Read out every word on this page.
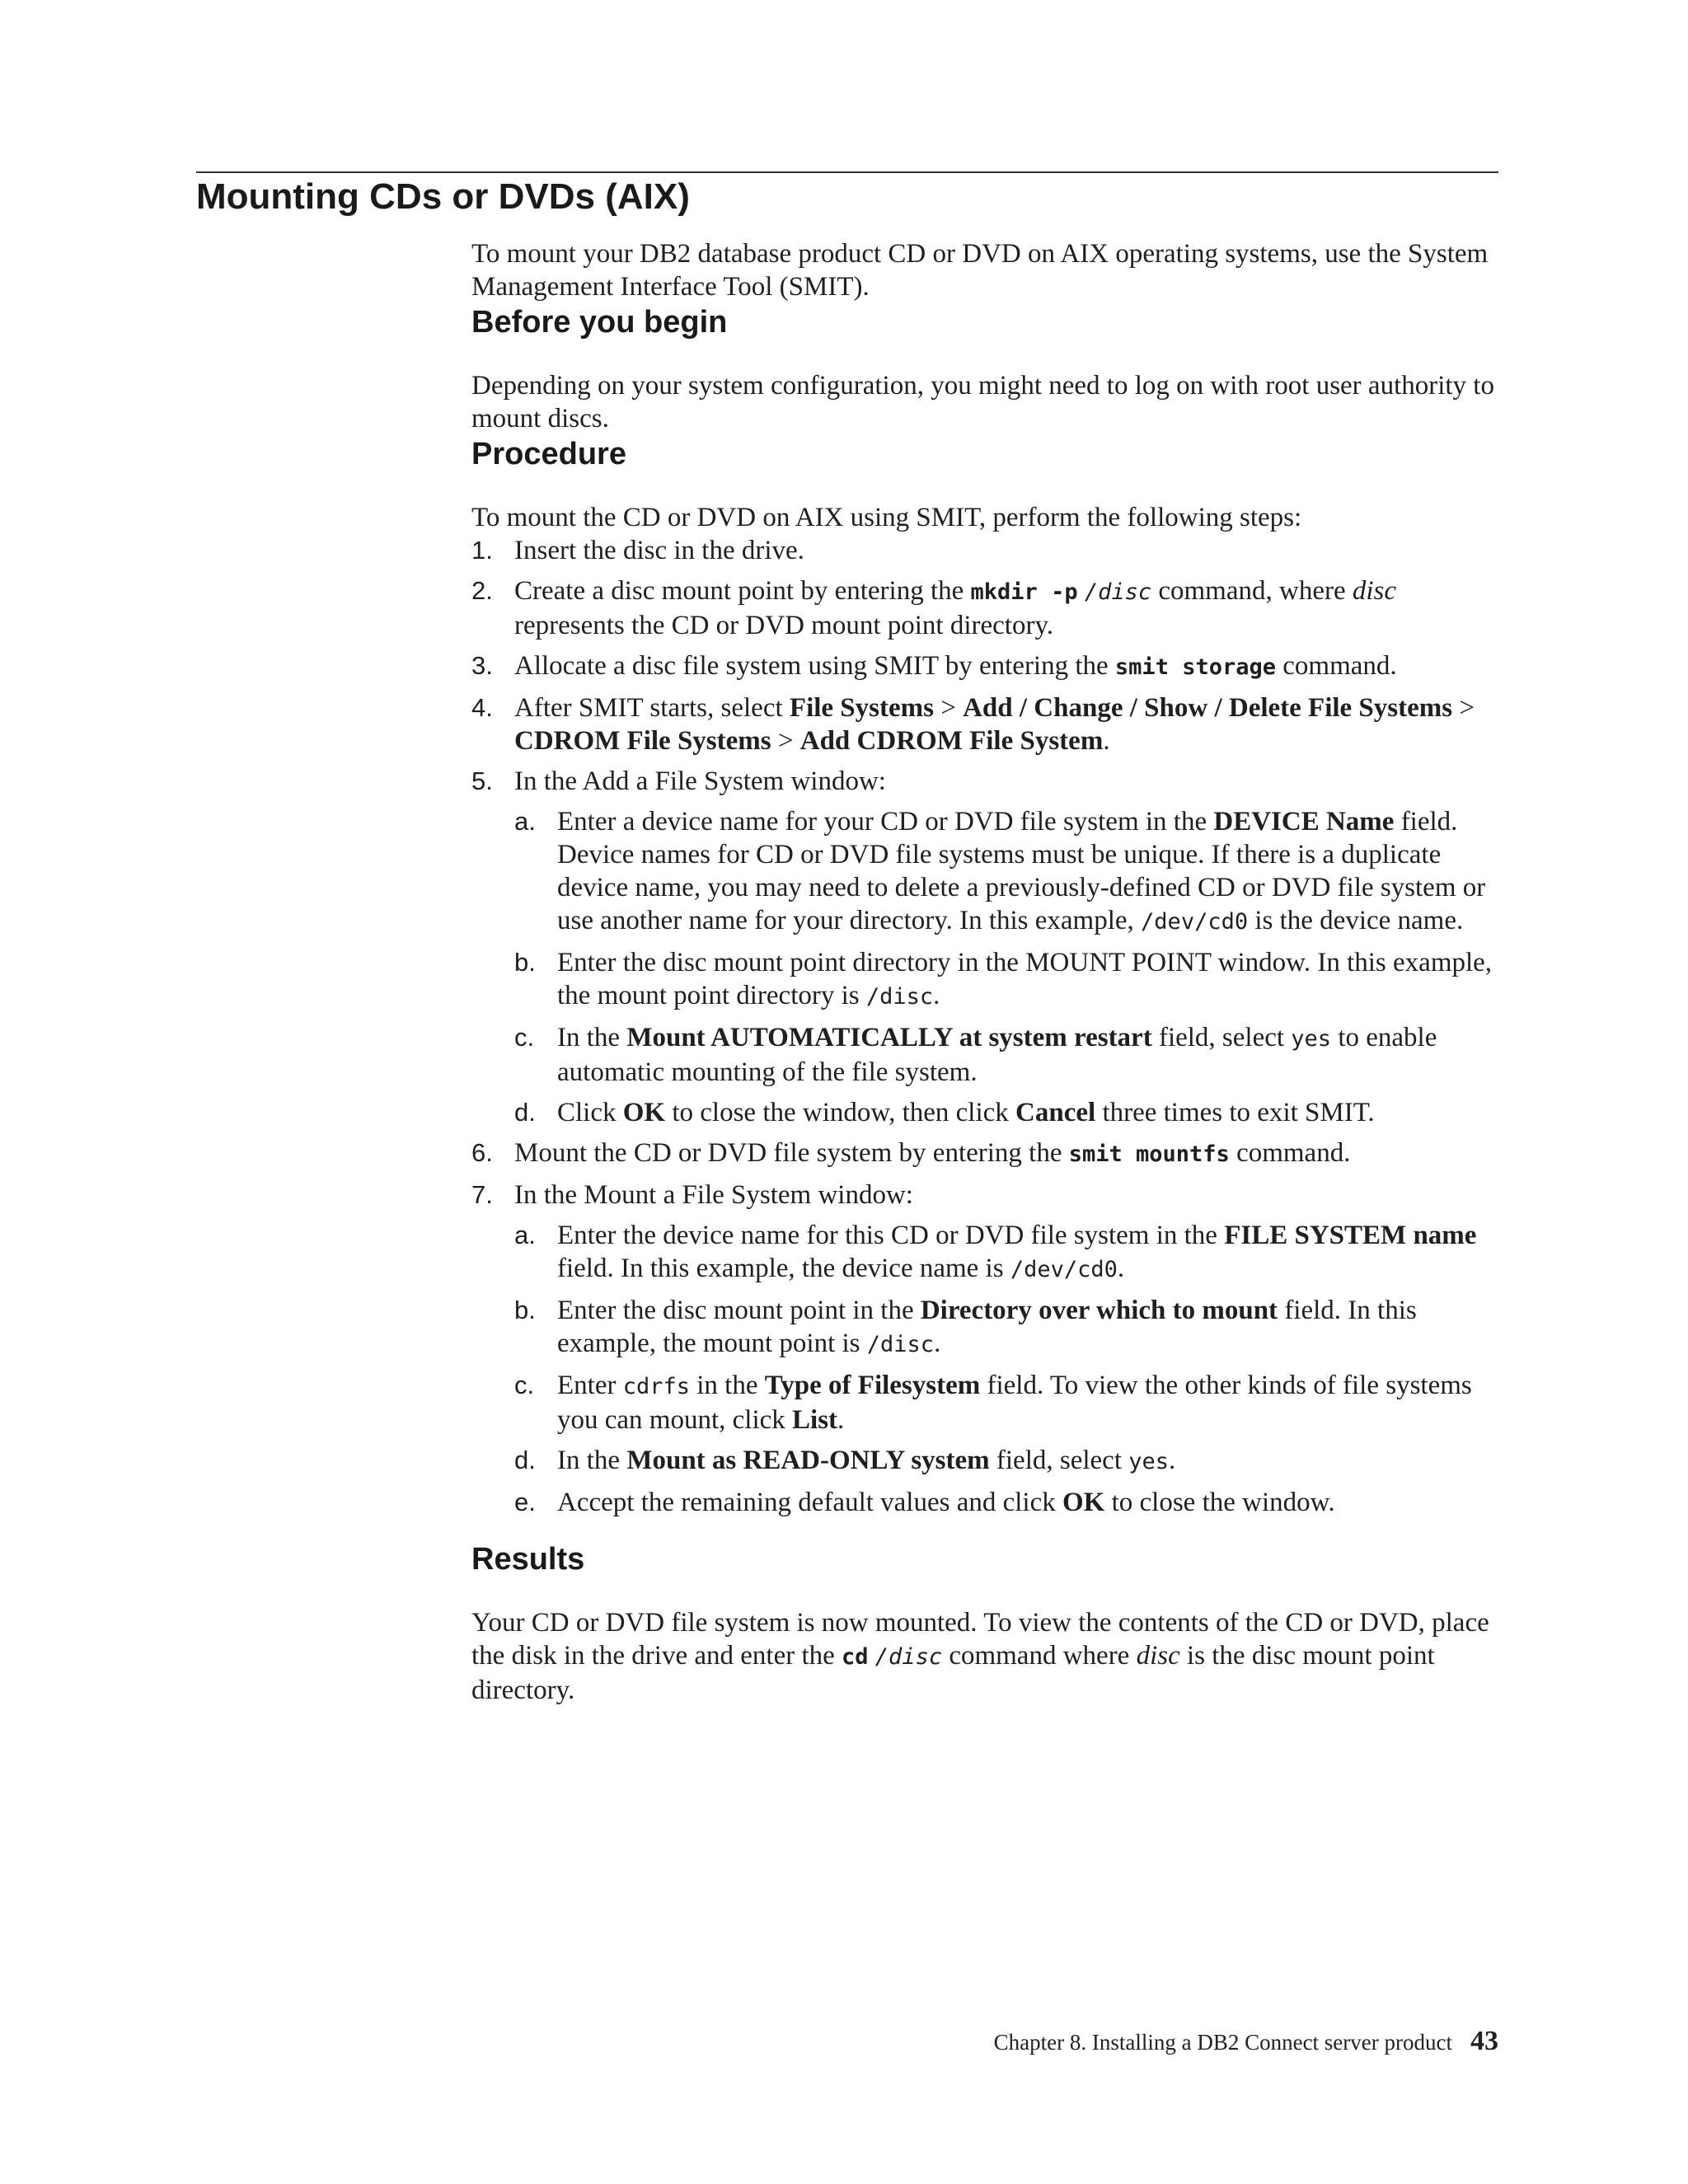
Mounting CDs or DVDs (AIX)

To mount your DB2 database product CD or DVD on AIX operating systems, use the System Management Interface Tool (SMIT).

Before you begin

Depending on your system configuration, you might need to log on with root user authority to mount discs.

Procedure

To mount the CD or DVD on AIX using SMIT, perform the following steps:

1. Insert the disc in the drive.
2. Create a disc mount point by entering the mkdir -p /disc command, where disc represents the CD or DVD mount point directory.
3. Allocate a disc file system using SMIT by entering the smit storage command.
4. After SMIT starts, select File Systems > Add / Change / Show / Delete File Systems > CDROM File Systems > Add CDROM File System.
5. In the Add a File System window:
a. Enter a device name for your CD or DVD file system in the DEVICE Name field. Device names for CD or DVD file systems must be unique. If there is a duplicate device name, you may need to delete a previously-defined CD or DVD file system or use another name for your directory. In this example, /dev/cd0 is the device name.
b. Enter the disc mount point directory in the MOUNT POINT window. In this example, the mount point directory is /disc.
c. In the Mount AUTOMATICALLY at system restart field, select yes to enable automatic mounting of the file system.
d. Click OK to close the window, then click Cancel three times to exit SMIT.
6. Mount the CD or DVD file system by entering the smit mountfs command.
7. In the Mount a File System window:
a. Enter the device name for this CD or DVD file system in the FILE SYSTEM name field. In this example, the device name is /dev/cd0.
b. Enter the disc mount point in the Directory over which to mount field. In this example, the mount point is /disc.
c. Enter cdrfs in the Type of Filesystem field. To view the other kinds of file systems you can mount, click List.
d. In the Mount as READ-ONLY system field, select yes.
e. Accept the remaining default values and click OK to close the window.
Results

Your CD or DVD file system is now mounted. To view the contents of the CD or DVD, place the disk in the drive and enter the cd /disc command where disc is the disc mount point directory.

Chapter 8. Installing a DB2 Connect server product 43
